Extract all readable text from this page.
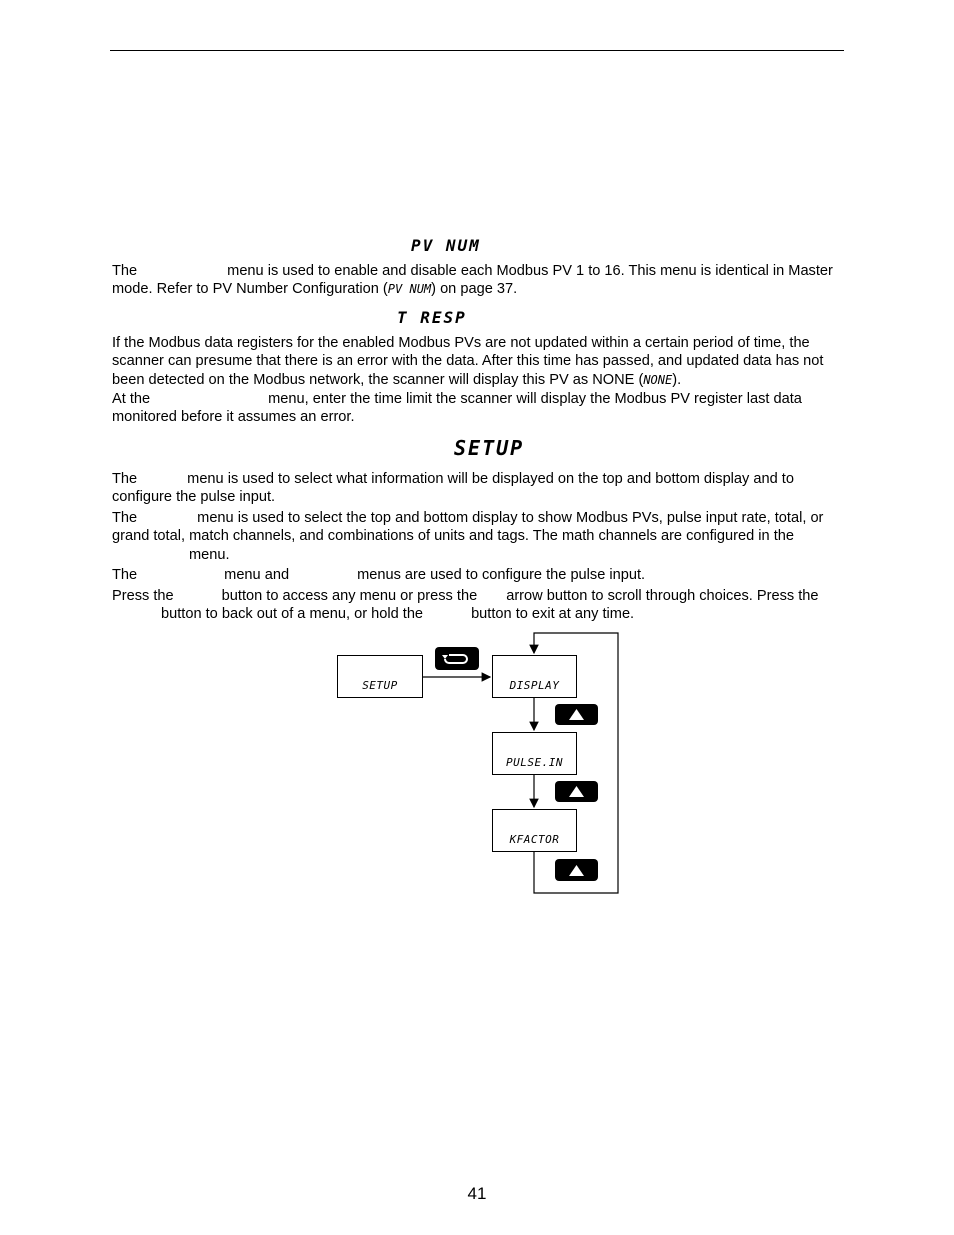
PV NUM

The	menu is used to enable and disable each Modbus PV 1 to 16. This menu is identical in Master mode. Refer to PV Number Configuration (PV NUM) on page 37.

T RESP

If the Modbus data registers for the enabled Modbus PVs are not updated within a certain period of time, the scanner can presume that there is an error with the data. After this time has passed, and updated data has not been detected on the Modbus network, the scanner will display this PV as NONE (NONE).

At the	menu, enter the time limit the scanner will display the Modbus PV register last data monitored before it assumes an error.

SETUP

The	menu is used to select what information will be displayed on the top and bottom display and to configure the pulse input.

The	menu is used to select the top and bottom display to show Modbus PVs, pulse input rate, total, or grand total, match channels, and combinations of units and tags. The math channels are configured in themenu.

The	menu and	menus are used to configure the pulse input.

Press the	button to access any menu or press the arrow button to scroll through choices. Press thebutton to back out of a menu, or hold the	button to exit at any time.

SETUP	DISPLAY
PULSE.IN
KFACTOR
41
